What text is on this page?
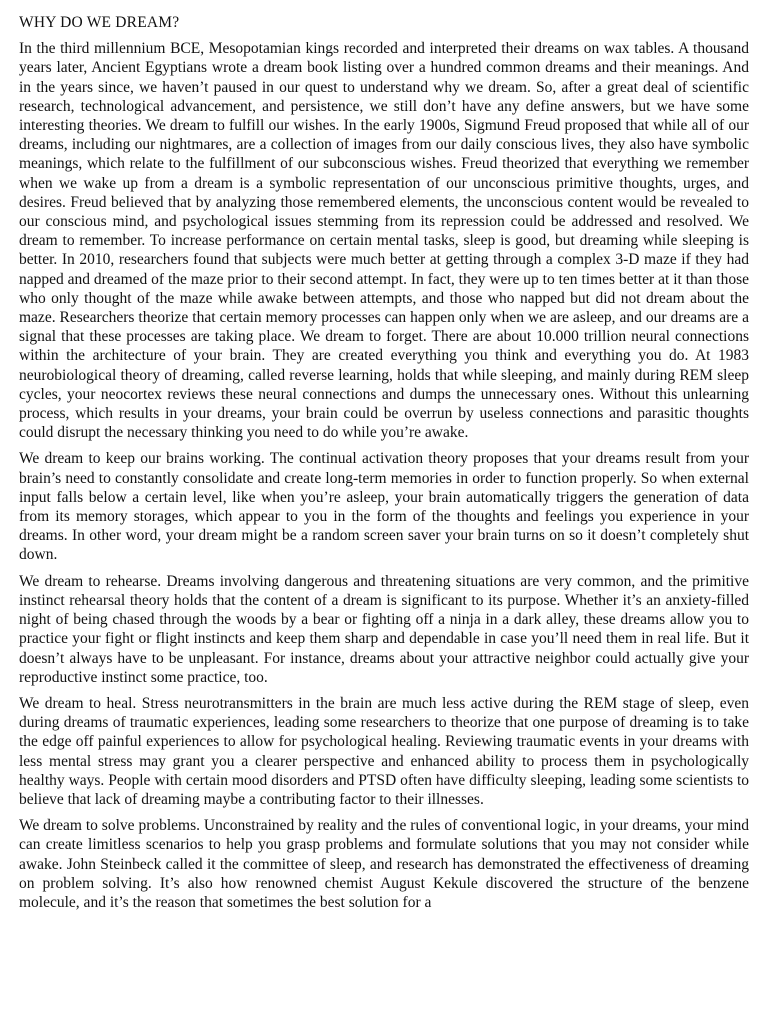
WHY DO WE DREAM?

In the third millennium BCE, Mesopotamian kings recorded and interpreted their dreams on wax tables. A thousand years later, Ancient Egyptians wrote a dream book listing over a hundred common dreams and their meanings. And in the years since, we haven’t paused in our quest to understand why we dream. So, after a great deal of scientific research, technological advancement, and persistence, we still don’t have any define answers, but we have some interesting theories. We dream to fulfill our wishes. In the early 1900s, Sigmund Freud proposed that while all of our dreams, including our nightmares, are a collection of images from our daily conscious lives, they also have symbolic meanings, which relate to the fulfillment of our subconscious wishes. Freud theorized that everything we remember when we wake up from a dream is a symbolic representation of our unconscious primitive thoughts, urges, and desires. Freud believed that by analyzing those remembered elements, the unconscious content would be revealed to our conscious mind, and psychological issues stemming from its repression could be addressed and resolved. We dream to remember. To increase performance on certain mental tasks, sleep is good, but dreaming while sleeping is better. In 2010, researchers found that subjects were much better at getting through a complex 3-D maze if they had napped and dreamed of the maze prior to their second attempt. In fact, they were up to ten times better at it than those who only thought of the maze while awake between attempts, and those who napped but did not dream about the maze. Researchers theorize that certain memory processes can happen only when we are asleep, and our dreams are a signal that these processes are taking place. We dream to forget. There are about 10.000 trillion neural connections within the architecture of your brain. They are created everything you think and everything you do. At 1983 neurobiological theory of dreaming, called reverse learning, holds that while sleeping, and mainly during REM sleep cycles, your neocortex reviews these neural connections and dumps the unnecessary ones. Without this unlearning process, which results in your dreams, your brain could be overrun by useless connections and parasitic thoughts could disrupt the necessary thinking you need to do while you’re awake.

We dream to keep our brains working. The continual activation theory proposes that your dreams result from your brain’s need to constantly consolidate and create long-term memories in order to function properly. So when external input falls below a certain level, like when you’re asleep, your brain automatically triggers the generation of data from its memory storages, which appear to you in the form of the thoughts and feelings you experience in your dreams. In other word, your dream might be a random screen saver your brain turns on so it doesn’t completely shut down.

We dream to rehearse. Dreams involving dangerous and threatening situations are very common, and the primitive instinct rehearsal theory holds that the content of a dream is significant to its purpose. Whether it’s an anxiety-filled night of being chased through the woods by a bear or fighting off a ninja in a dark alley, these dreams allow you to practice your fight or flight instincts and keep them sharp and dependable in case you’ll need them in real life. But it doesn’t always have to be unpleasant. For instance, dreams about your attractive neighbor could actually give your reproductive instinct some practice, too.

We dream to heal. Stress neurotransmitters in the brain are much less active during the REM stage of sleep, even during dreams of traumatic experiences, leading some researchers to theorize that one purpose of dreaming is to take the edge off painful experiences to allow for psychological healing. Reviewing traumatic events in your dreams with less mental stress may grant you a clearer perspective and enhanced ability to process them in psychologically healthy ways. People with certain mood disorders and PTSD often have difficulty sleeping, leading some scientists to believe that lack of dreaming maybe a contributing factor to their illnesses.

We dream to solve problems. Unconstrained by reality and the rules of conventional logic, in your dreams, your mind can create limitless scenarios to help you grasp problems and formulate solutions that you may not consider while awake. John Steinbeck called it the committee of sleep, and research has demonstrated the effectiveness of dreaming on problem solving. It’s also how renowned chemist August Kekule discovered the structure of the benzene molecule, and it’s the reason that sometimes the best solution for a
